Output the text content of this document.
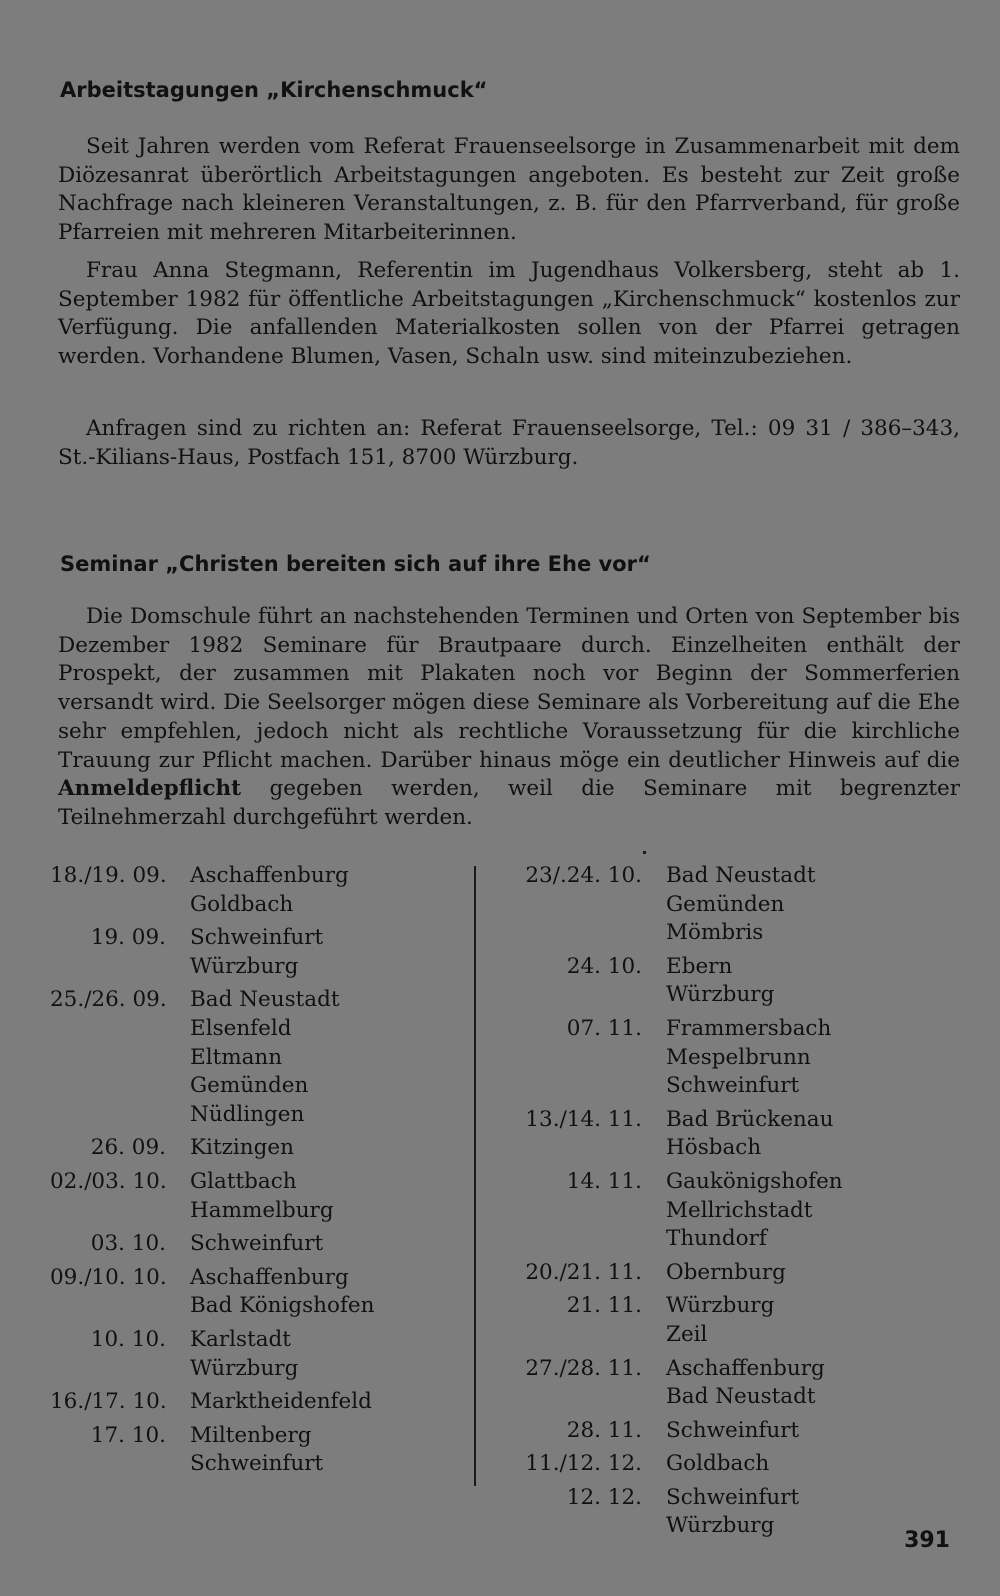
Arbeitstagungen „Kirchenschmuck“

Seit Jahren werden vom Referat Frauenseelsorge in Zusammenarbeit mit dem Diözesanrat überörtlich Arbeitstagungen angeboten. Es besteht zur Zeit große Nachfrage nach kleineren Veranstaltungen, z. B. für den Pfarrverband, für große Pfarreien mit mehreren Mitarbeiterinnen.

Frau Anna Stegmann, Referentin im Jugendhaus Volkersberg, steht ab 1. September 1982 für öffentliche Arbeitstagungen „Kirchenschmuck“ kostenlos zur Verfügung. Die anfallenden Materialkosten sollen von der Pfarrei getragen werden. Vorhandene Blumen, Vasen, Schaln usw. sind miteinzubeziehen.

Anfragen sind zu richten an: Referat Frauenseelsorge, Tel.: 09 31 / 386–343, St.-Kilians-Haus, Postfach 151, 8700 Würzburg.

Seminar „Christen bereiten sich auf ihre Ehe vor“

Die Domschule führt an nachstehenden Terminen und Orten von September bis Dezember 1982 Seminare für Brautpaare durch. Einzelheiten enthält der Prospekt, der zusammen mit Plakaten noch vor Beginn der Sommerferien versandt wird. Die Seelsorger mögen diese Seminare als Vorbereitung auf die Ehe sehr empfehlen, jedoch nicht als rechtliche Voraussetzung für die kirchliche Trauung zur Pflicht machen. Darüber hinaus möge ein deutlicher Hinweis auf die Anmeldepflicht gegeben werden, weil die Seminare mit begrenzter Teilnehmerzahl durchgeführt werden.

18./19. 09. Aschaffenburg
Goldbach
19. 09. Schweinfurt
Würzburg
25./26. 09. Bad Neustadt
Elsenfeld
Eltmann
Gemünden
Nüdlingen
26. 09. Kitzingen
02./03. 10. Glattbach
Hammelburg
03. 10. Schweinfurt
09./10. 10. Aschaffenburg
Bad Königshofen
10. 10. Karlstadt
Würzburg
16./17. 10. Marktheidenfeld
17. 10. Miltenberg
Schweinfurt
23/.24. 10. Bad Neustadt
Gemünden
Mömbris
24. 10. Ebern
Würzburg
07. 11. Frammersbach
Mespelbrunn
Schweinfurt
13./14. 11. Bad Brückenau
Hösbach
14. 11. Gaukönigshofen
Mellrichstadt
Thundorf
20./21. 11. Obernburg
21. 11. Würzburg
Zeil
27./28. 11. Aschaffenburg
Bad Neustadt
28. 11. Schweinfurt
11./12. 12. Goldbach
12. 12. Schweinfurt
Würzburg
391
